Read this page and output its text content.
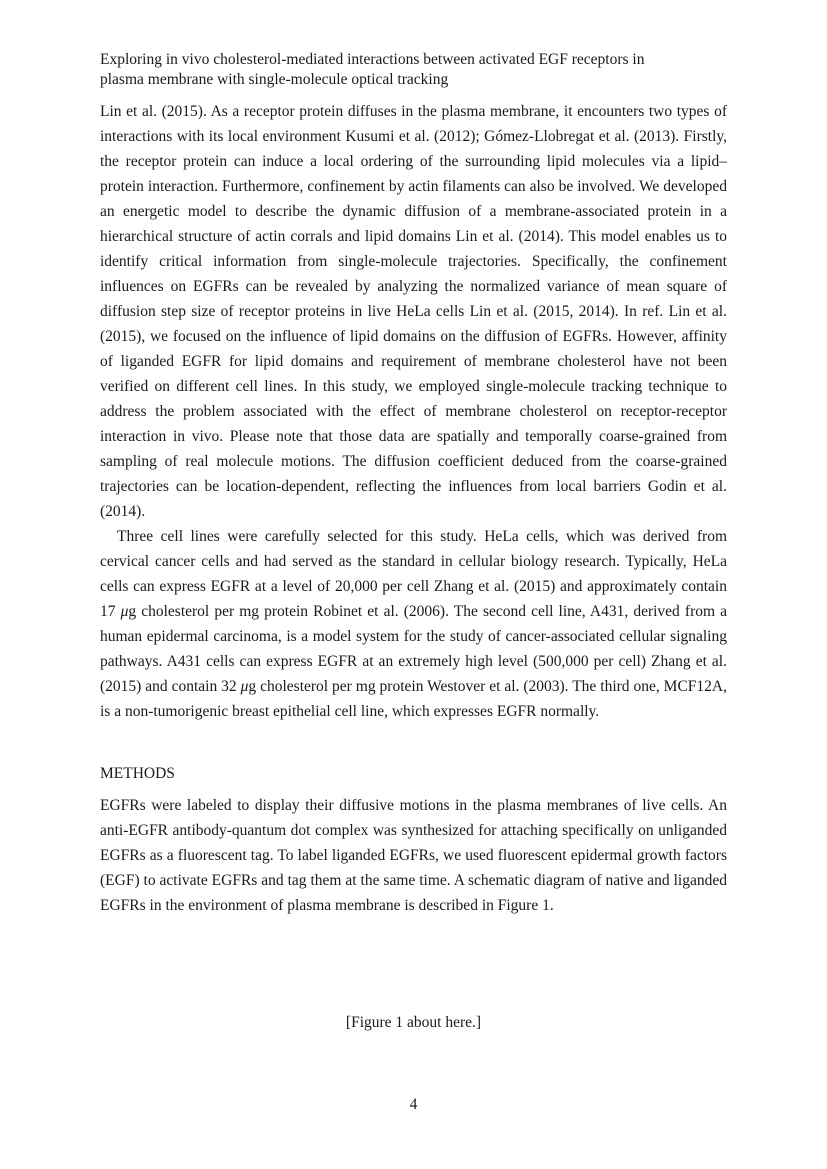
Exploring in vivo cholesterol-mediated interactions between activated EGF receptors in
plasma membrane with single-molecule optical tracking

Lin et al. (2015). As a receptor protein diffuses in the plasma membrane, it encounters two types of interactions with its local environment Kusumi et al. (2012); Gómez-Llobregat et al. (2013). Firstly, the receptor protein can induce a local ordering of the surrounding lipid molecules via a lipid–protein interaction. Furthermore, confinement by actin filaments can also be involved. We developed an energetic model to describe the dynamic diffusion of a membrane-associated protein in a hierarchical structure of actin corrals and lipid domains Lin et al. (2014). This model enables us to identify critical information from single-molecule trajectories. Specifically, the confinement influences on EGFRs can be revealed by analyzing the normalized variance of mean square of diffusion step size of receptor proteins in live HeLa cells Lin et al. (2015, 2014). In ref. Lin et al. (2015), we focused on the influence of lipid domains on the diffusion of EGFRs. However, affinity of liganded EGFR for lipid domains and requirement of membrane cholesterol have not been verified on different cell lines. In this study, we employed single-molecule tracking technique to address the problem associated with the effect of membrane cholesterol on receptor-receptor interaction in vivo. Please note that those data are spatially and temporally coarse-grained from sampling of real molecule motions. The diffusion coefficient deduced from the coarse-grained trajectories can be location-dependent, reflecting the influences from local barriers Godin et al. (2014).

Three cell lines were carefully selected for this study. HeLa cells, which was derived from cervical cancer cells and had served as the standard in cellular biology research. Typically, HeLa cells can express EGFR at a level of 20,000 per cell Zhang et al. (2015) and approximately contain 17 μg cholesterol per mg protein Robinet et al. (2006). The second cell line, A431, derived from a human epidermal carcinoma, is a model system for the study of cancer-associated cellular signaling pathways. A431 cells can express EGFR at an extremely high level (500,000 per cell) Zhang et al. (2015) and contain 32 μg cholesterol per mg protein Westover et al. (2003). The third one, MCF12A, is a non-tumorigenic breast epithelial cell line, which expresses EGFR normally.

METHODS

EGFRs were labeled to display their diffusive motions in the plasma membranes of live cells. An anti-EGFR antibody-quantum dot complex was synthesized for attaching specifically on unliganded EGFRs as a fluorescent tag. To label liganded EGFRs, we used fluorescent epidermal growth factors (EGF) to activate EGFRs and tag them at the same time. A schematic diagram of native and liganded EGFRs in the environment of plasma membrane is described in Figure 1.

[Figure 1 about here.]
4
